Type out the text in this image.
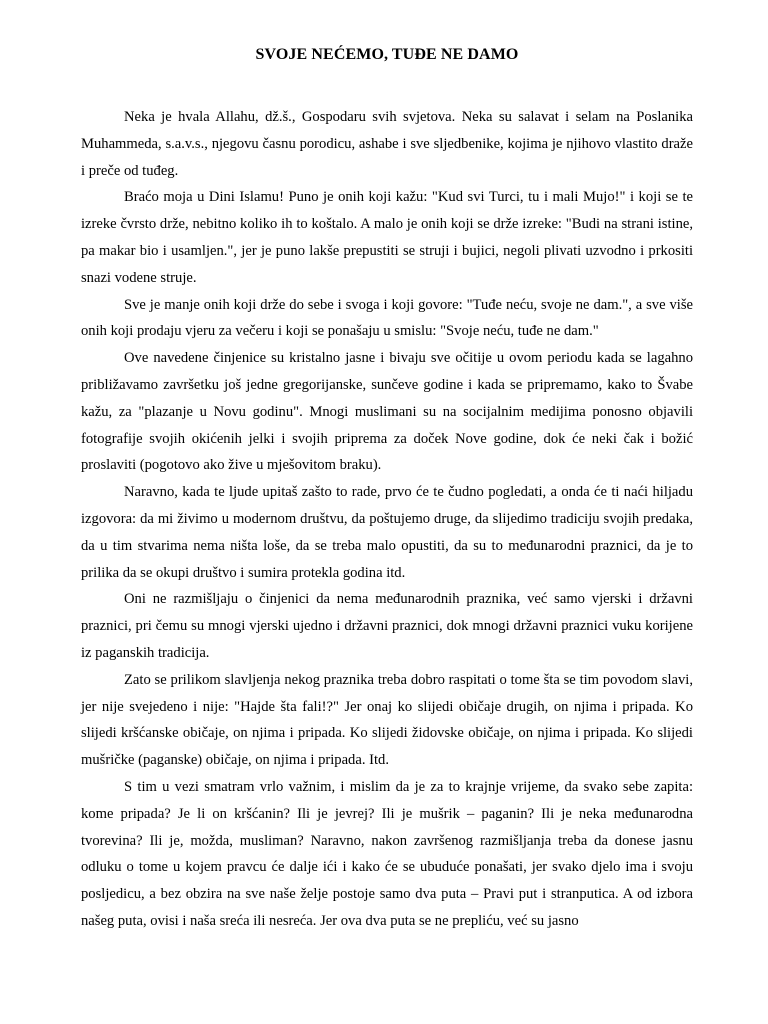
SVOJE NEĆEMO, TUĐE NE DAMO

Neka je hvala Allahu, dž.š., Gospodaru svih svjetova. Neka su salavat i selam na Poslanika Muhammeda, s.a.v.s., njegovu časnu porodicu, ashabe i sve sljedbenike, kojima je njihovo vlastito draže i preče od tuđeg.

Braćo moja u Dini Islamu! Puno je onih koji kažu: "Kud svi Turci, tu i mali Mujo!" i koji se te izreke čvrsto drže, nebitno koliko ih to koštalo. A malo je onih koji se drže izreke: "Budi na strani istine, pa makar bio i usamljen.", jer je puno lakše prepustiti se struji i bujici, negoli plivati uzvodno i prkositi snazi vodene struje.

Sve je manje onih koji drže do sebe i svoga i koji govore: "Tuđe neću, svoje ne dam.", a sve više onih koji prodaju vjeru za večeru i koji se ponašaju u smislu: "Svoje neću, tuđe ne dam."

Ove navedene činjenice su kristalno jasne i bivaju sve očitije u ovom periodu kada se lagahno približavamo završetku još jedne gregorijanske, sunčeve godine i kada se pripremamo, kako to Švabe kažu, za "plazanje u Novu godinu". Mnogi muslimani su na socijalnim medijima ponosno objavili fotografije svojih okićenih jelki i svojih priprema za doček Nove godine, dok će neki čak i božić proslaviti (pogotovo ako žive u mješovitom braku).

Naravno, kada te ljude upitaš zašto to rade, prvo će te čudno pogledati, a onda će ti naći hiljadu izgovora: da mi živimo u modernom društvu, da poštujemo druge, da slijedimo tradiciju svojih predaka, da u tim stvarima nema ništa loše, da se treba malo opustiti, da su to međunarodni praznici, da je to prilika da se okupi društvo i sumira protekla godina itd.

Oni ne razmišljaju o činjenici da nema međunarodnih praznika, već samo vjerski i državni praznici, pri čemu su mnogi vjerski ujedno i državni praznici, dok mnogi državni praznici vuku korijene iz paganskih tradicija.

Zato se prilikom slavljenja nekog praznika treba dobro raspitati o tome šta se tim povodom slavi, jer nije svejedeno i nije: "Hajde šta fali!?" Jer onaj ko slijedi običaje drugih, on njima i pripada. Ko slijedi kršćanske običaje, on njima i pripada. Ko slijedi židovske običaje, on njima i pripada. Ko slijedi mušričke (paganske) običaje, on njima i pripada. Itd.

S tim u vezi smatram vrlo važnim, i mislim da je za to krajnje vrijeme, da svako sebe zapita: kome pripada? Je li on kršćanin? Ili je jevrej? Ili je mušrik – paganin? Ili je neka međunarodna tvorevina? Ili je, možda, musliman? Naravno, nakon završenog razmišljanja treba da donese jasnu odluku o tome u kojem pravcu će dalje ići i kako će se ubuduće ponašati, jer svako djelo ima i svoju posljedicu, a bez obzira na sve naše želje postoje samo dva puta – Pravi put i stranputica. A od izbora našeg puta, ovisi i naša sreća ili nesreća. Jer ova dva puta se ne prepliću, već su jasno
